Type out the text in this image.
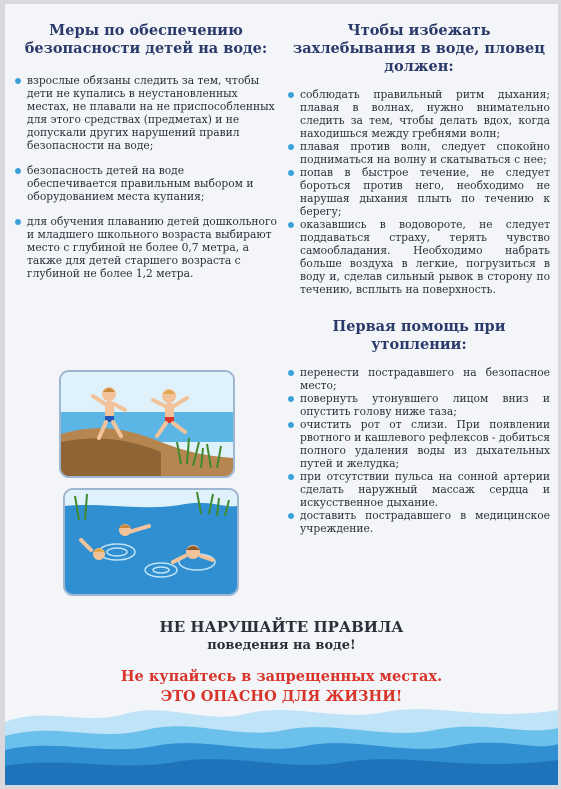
Меры по обеспечению безопасности детей на воде:
взрослые обязаны следить за тем, чтобы дети не купались в неустановленных местах, не плавали на не приспособленных для этого средствах (предметах) и не допускали других нарушений правил безопасности на воде;
безопасность детей на воде обеспечивается правильным выбором и оборудованием места купания;
для обучения плаванию детей дошкольного и младшего школьного возраста выбирают место с глубиной не более 0,7 метра, а также для детей старшего возраста с глубиной не более 1,2 метра.
Чтобы избежать захлебывания в воде, пловец должен:
соблюдать правильный ритм дыхания; плавая в волнах, нужно внимательно следить за тем, чтобы делать вдох, когда находишься между гребнями волн;
плавая против волн, следует спокойно подниматься на волну и скатываться с нее;
попав в быстрое течение, не следует бороться против него, необходимо не нарушая дыхания плыть по течению к берегу;
оказавшись в водовороте, не следует поддаваться страху, терять чувство самообладания. Необходимо набрать больше воздуха в легкие, погрузиться в воду и, сделав сильный рывок в сторону по течению, всплыть на поверхность.
Первая помощь при утоплении:
перенести пострадавшего на безопасное место;
повернуть утонувшего лицом вниз и опустить голову ниже таза;
очистить рот от слизи. При появлении рвотного и кашлевого рефлексов - добиться полного удаления воды из дыхательных путей и желудка;
при отсутствии пульса на сонной артерии сделать наружный массаж сердца и искусственное дыхание.
доставить пострадавшего в медицинское учреждение.
НЕ НАРУШАЙТЕ ПРАВИЛА
поведения на воде!
Не купайтесь в запрещенных местах.
ЭТО ОПАСНО ДЛЯ ЖИЗНИ!
